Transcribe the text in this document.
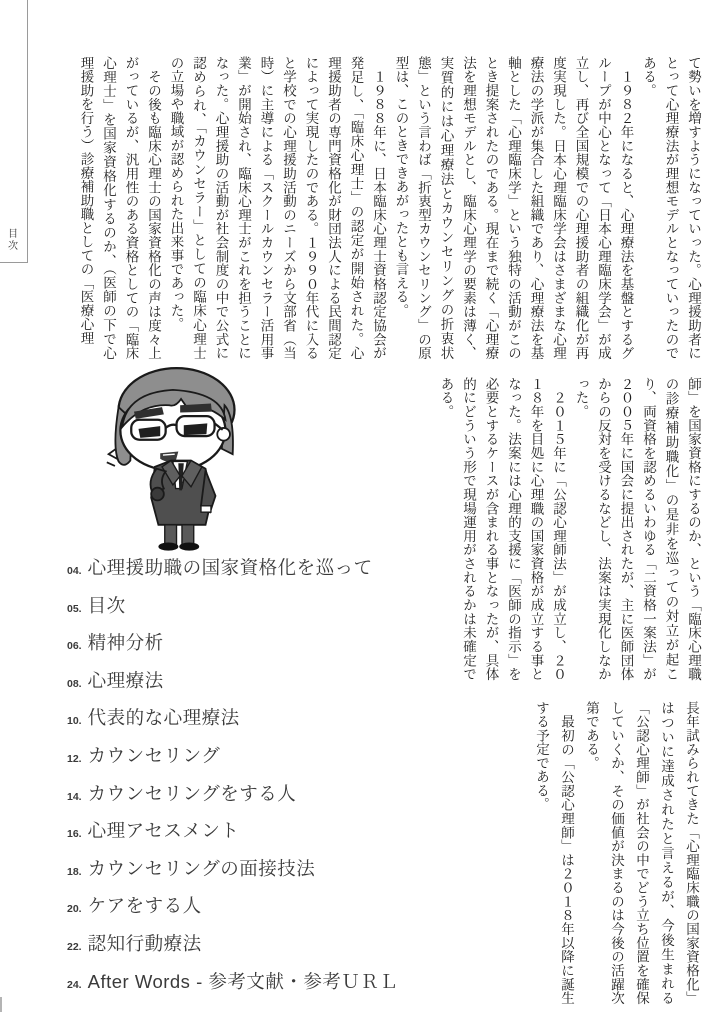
目次	て勢いを増すようになっていった。心理援助者にとって心理療法が理想モデルとなっていったのである。

　１９８２年になると、心理療法を基盤とするグループが中心となって「日本心理臨床学会」が成立し、再び全国規模での心理援助者の組織化が再度実現した。日本心理臨床学会はさまざまな心理療法の学派が集合した組織であり、心理療法を基軸とした「心理臨床学」という独特の活動がこのとき提案されたのである。現在まで続く「心理療法を理想モデルとし、臨床心理学の要素は薄く、実質的には心理療法とカウンセリングの折衷状態」という言わば「折衷型カウンセリング」の原型は、このときできあがったとも言える。

　１９８８年に、日本臨床心理士資格認定協会が発足し、「臨床心理士」の認定が開始された。心理援助者の専門資格化が財団法人による民間認定によって実現したのである。１９９０年代に入ると学校での心理援助活動のニーズから文部省（当時）に主導による「スクールカウンセラー活用事業」が開始され、臨床心理士がこれを担うことになった。心理援助の活動が社会制度の中で公式に認められ、「カウンセラー」としての臨床心理士の立場や職域が認められた出来事であった。

　その後も臨床心理士の国家資格化の声は度々上がっているが、汎用性のある資格としての「臨床心理士」を国家資格化するのか、（医師の下で心理援助を行う）診療補助職としての「医療心理

師」を国家資格にするのか、という「臨床心理職の診療補助職化」の是非を巡っての対立が起こり、両資格を認めるいわゆる「二資格一案法」が２００５年に国会に提出されたが、主に医師団体からの反対を受けるなどし、法案は実現化しなかった。

　２０１５年に「公認心理師法」が成立し、２０１８年を目処に心理職の国家資格が成立する事となった。法案には心理的支援に「医師の指示」を必要とするケースが含まれる事となったが、具体的にどういう形で現場運用がされるかは未確定である。

長年試みられてきた「心理臨床職の国家資格化」はついに達成されたと言えるが、今後生まれる「公認心理師」が社会の中でどう立ち位置を確保していくか、その価値が決まるのは今後の活躍次第である。

　最初の「公認心理師」は２０１８年以降に誕生する予定である。

04. 心理援助職の国家資格化を巡って
05. 目次
06. 精神分析
08. 心理療法
10. 代表的な心理療法
12. カウンセリング
14. カウンセリングをする人
16. 心理アセスメント
18. カウンセリングの面接技法
20. ケアをする人
22. 認知行動療法
24. After Words - 参考文献・参考ＵＲＬ
